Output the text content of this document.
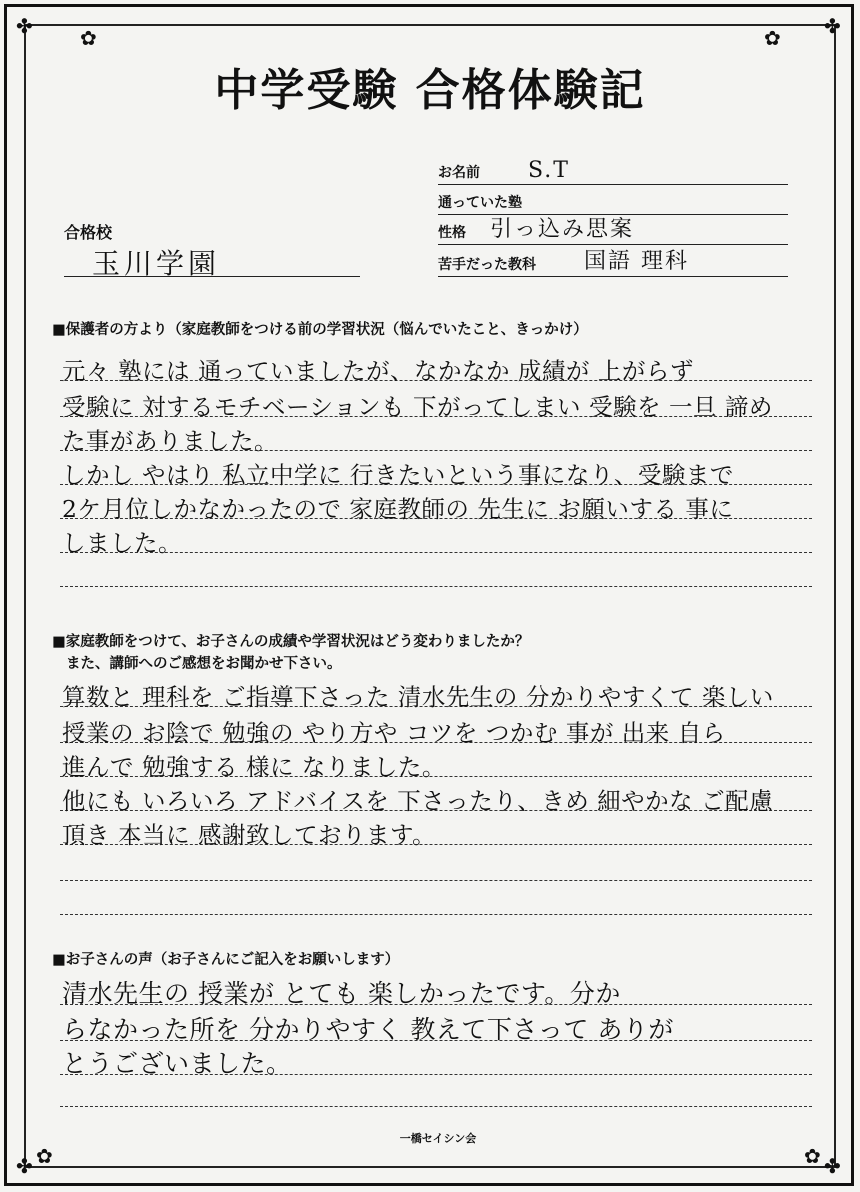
✤ ✿	✿ ✤
✤ ✿	✿ ✤
中学受験 合格体験記
お名前 S.T
通っていた塾
性格 引っ込み思案
苦手だった教科 国語 理科
合格校
玉川学園
■保護者の方より（家庭教師をつける前の学習状況（悩んでいたこと、きっかけ）
元々 塾には 通っていましたが、なかなか 成績が 上がらず
受験に 対するモチベーションも 下がってしまい 受験を 一旦 諦め
た事がありました。
しかし やはり 私立中学に 行きたいという事になり、受験まで
2ケ月位しかなかったので 家庭教師の 先生に お願いする 事に
しました。
■家庭教師をつけて、お子さんの成績や学習状況はどう変わりましたか？
また、講師へのご感想をお聞かせ下さい。
算数と 理科を ご指導下さった 清水先生の 分かりやすくて 楽しい
授業の お陰で 勉強の やり方や コツを つかむ 事が 出来 自ら
進んで 勉強する 様に なりました。
他にも いろいろ アドバイスを 下さったり、きめ 細やかな ご配慮
頂き 本当に 感謝致しております。
■お子さんの声（お子さんにご記入をお願いします）
清水先生の 授業が とても 楽しかったです。分か
らなかった所を 分かりやすく 教えて下さって ありが
とうございました。
一橋セイシン会
